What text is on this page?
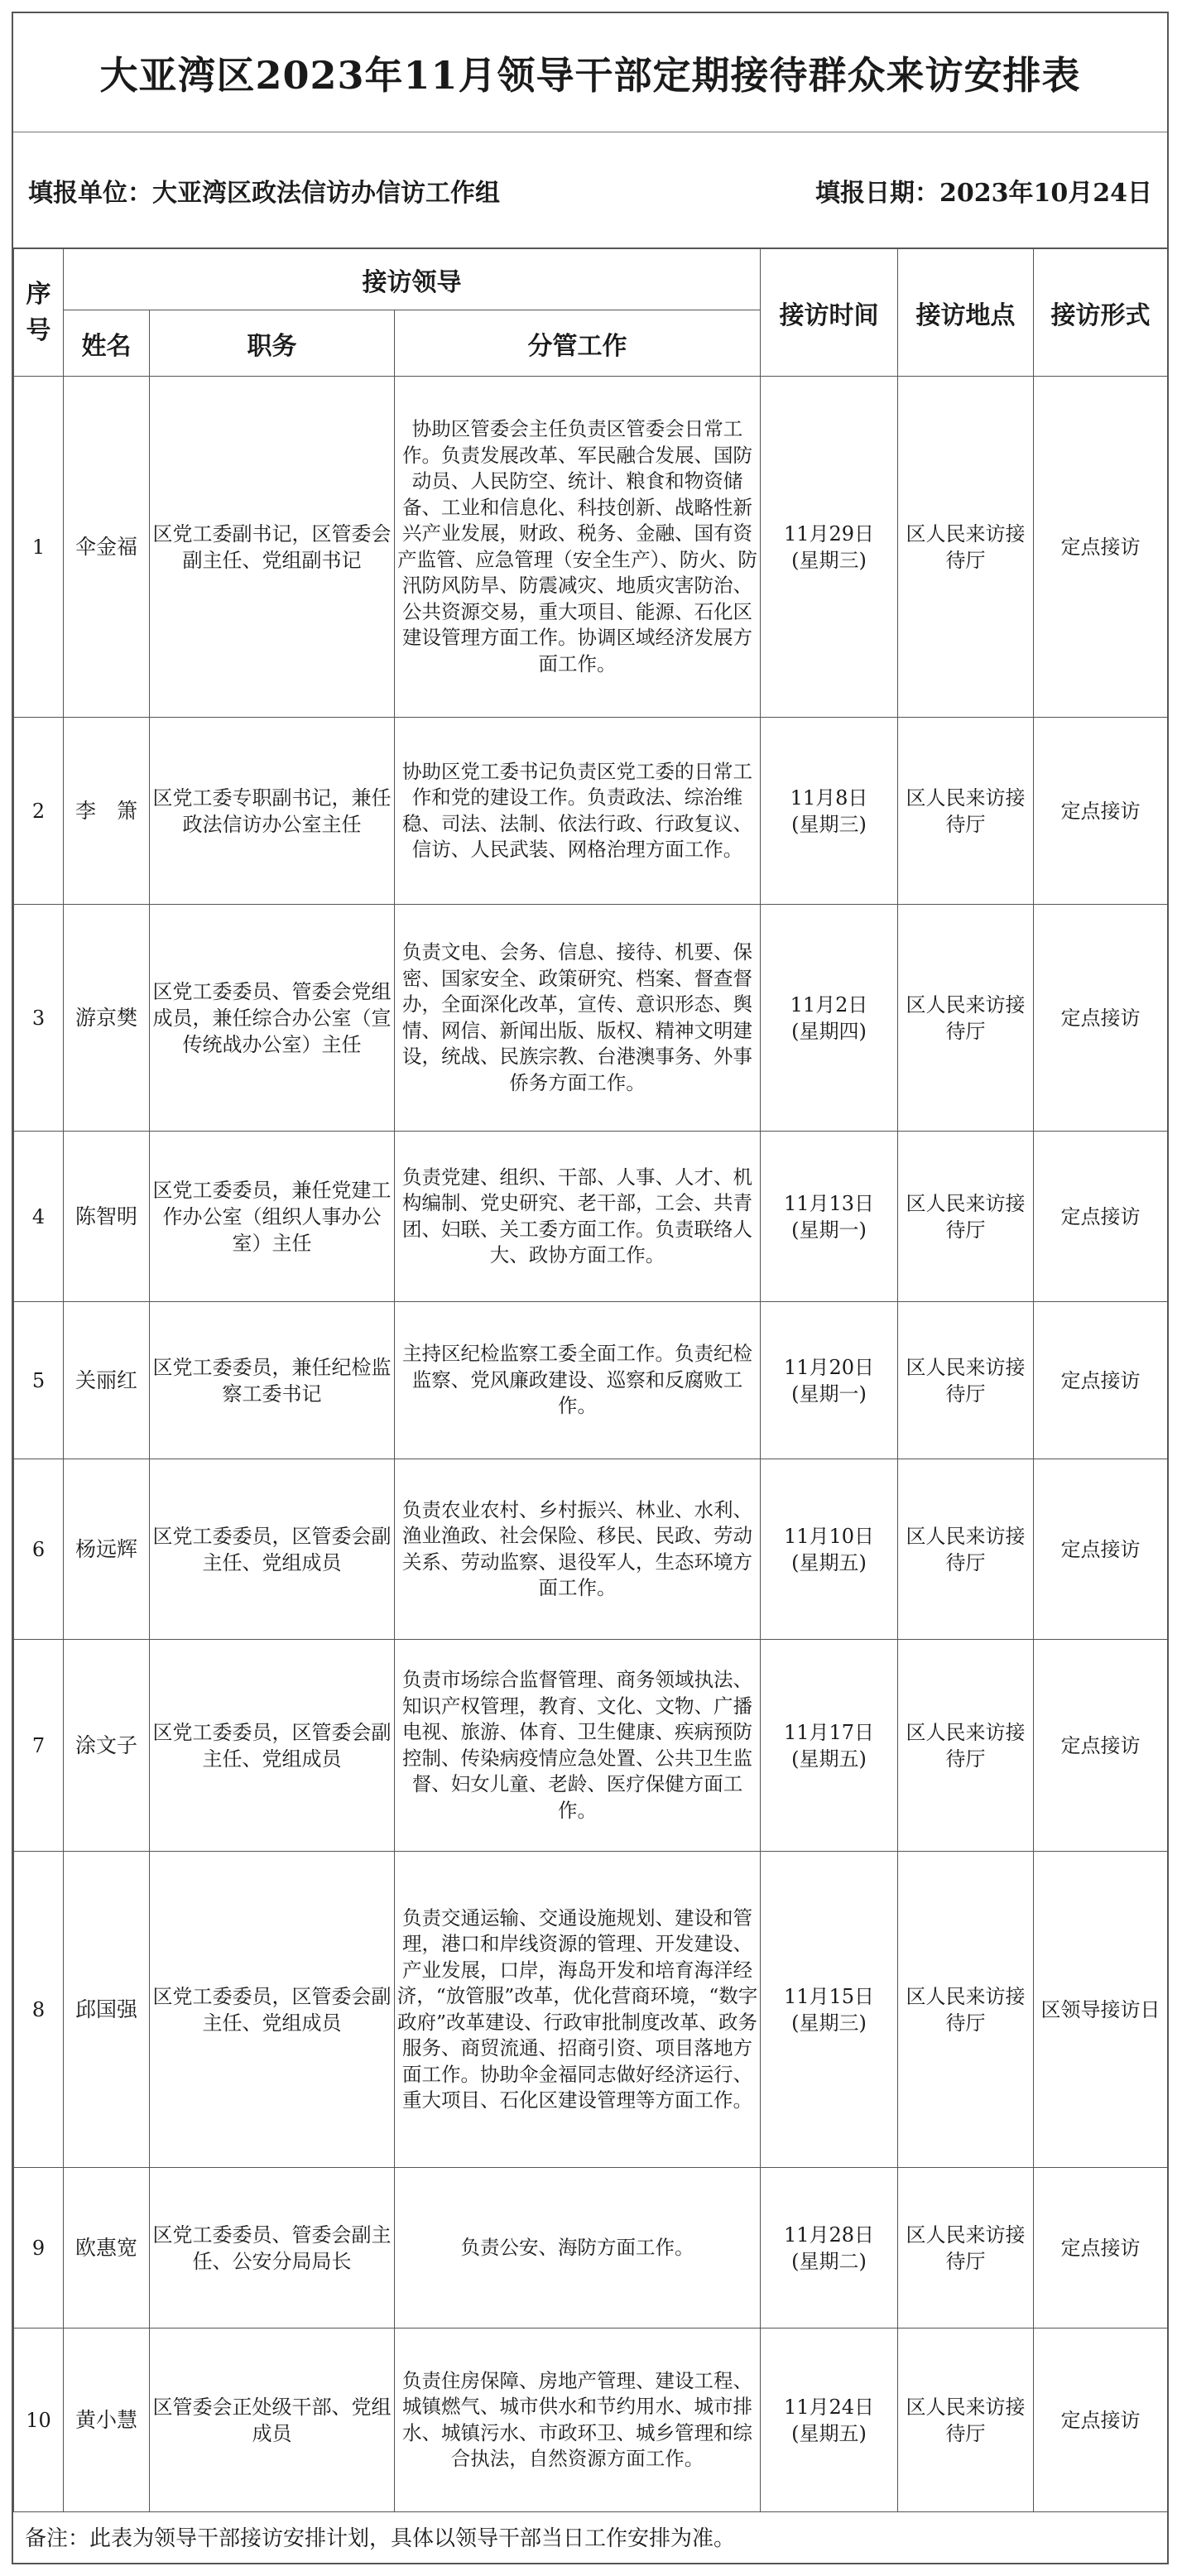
大亚湾区2023年11月领导干部定期接待群众来访安排表
填报单位：大亚湾区政法信访办信访工作组	填报日期：2023年10月24日
序号	接访领导			接访时间	接访地点	接访形式
	姓名	职务	分管工作			
1	伞金福	区党工委副书记，区管委会副主任、党组副书记	协助区管委会主任负责区管委会日常工作。负责发展改革、军民融合发展、国防动员、人民防空、统计、粮食和物资储备、工业和信息化、科技创新、战略性新兴产业发展，财政、税务、金融、国有资产监管、应急管理（安全生产）、防火、防汛防风防旱、防震减灾、地质灾害防治、公共资源交易，重大项目、能源、石化区建设管理方面工作。协调区域经济发展方面工作。	11月29日
(星期三)	区人民来访接待厅	定点接访
2	李　箫	区党工委专职副书记，兼任政法信访办公室主任	协助区党工委书记负责区党工委的日常工作和党的建设工作。负责政法、综治维稳、司法、法制、依法行政、行政复议、信访、人民武装、网格治理方面工作。	11月8日
(星期三)	区人民来访接待厅	定点接访
3	游京樊	区党工委委员、管委会党组成员，兼任综合办公室（宣传统战办公室）主任	负责文电、会务、信息、接待、机要、保密、国家安全、政策研究、档案、督查督办，全面深化改革，宣传、意识形态、舆情、网信、新闻出版、版权、精神文明建设，统战、民族宗教、台港澳事务、外事侨务方面工作。	11月2日
(星期四)	区人民来访接待厅	定点接访
4	陈智明	区党工委委员，兼任党建工作办公室（组织人事办公室）主任	负责党建、组织、干部、人事、人才、机构编制、党史研究、老干部，工会、共青团、妇联、关工委方面工作。负责联络人大、政协方面工作。	11月13日
(星期一)	区人民来访接待厅	定点接访
5	关丽红	区党工委委员，兼任纪检监察工委书记	主持区纪检监察工委全面工作。负责纪检监察、党风廉政建设、巡察和反腐败工作。	11月20日
(星期一)	区人民来访接待厅	定点接访
6	杨远辉	区党工委委员，区管委会副主任、党组成员	负责农业农村、乡村振兴、林业、水利、渔业渔政、社会保险、移民、民政、劳动关系、劳动监察、退役军人，生态环境方面工作。	11月10日
(星期五)	区人民来访接待厅	定点接访
7	涂文子	区党工委委员，区管委会副主任、党组成员	负责市场综合监督管理、商务领域执法、知识产权管理，教育、文化、文物、广播电视、旅游、体育、卫生健康、疾病预防控制、传染病疫情应急处置、公共卫生监督、妇女儿童、老龄、医疗保健方面工作。	11月17日
(星期五)	区人民来访接待厅	定点接访
8	邱国强	区党工委委员，区管委会副主任、党组成员	负责交通运输、交通设施规划、建设和管理，港口和岸线资源的管理、开发建设、产业发展，口岸，海岛开发和培育海洋经济，“放管服”改革，优化营商环境，“数字政府”改革建设、行政审批制度改革、政务服务、商贸流通、招商引资、项目落地方面工作。协助伞金福同志做好经济运行、重大项目、石化区建设管理等方面工作。	11月15日
(星期三)	区人民来访接待厅	区领导接访日
9	欧惠宽	区党工委委员、管委会副主任、公安分局局长	负责公安、海防方面工作。	11月28日
(星期二)	区人民来访接待厅	定点接访
10	黄小慧	区管委会正处级干部、党组成员	负责住房保障、房地产管理、建设工程、城镇燃气、城市供水和节约用水、城市排水、城镇污水、市政环卫、城乡管理和综合执法，自然资源方面工作。	11月24日
(星期五)	区人民来访接待厅	定点接访
备注：此表为领导干部接访安排计划，具体以领导干部当日工作安排为准。
